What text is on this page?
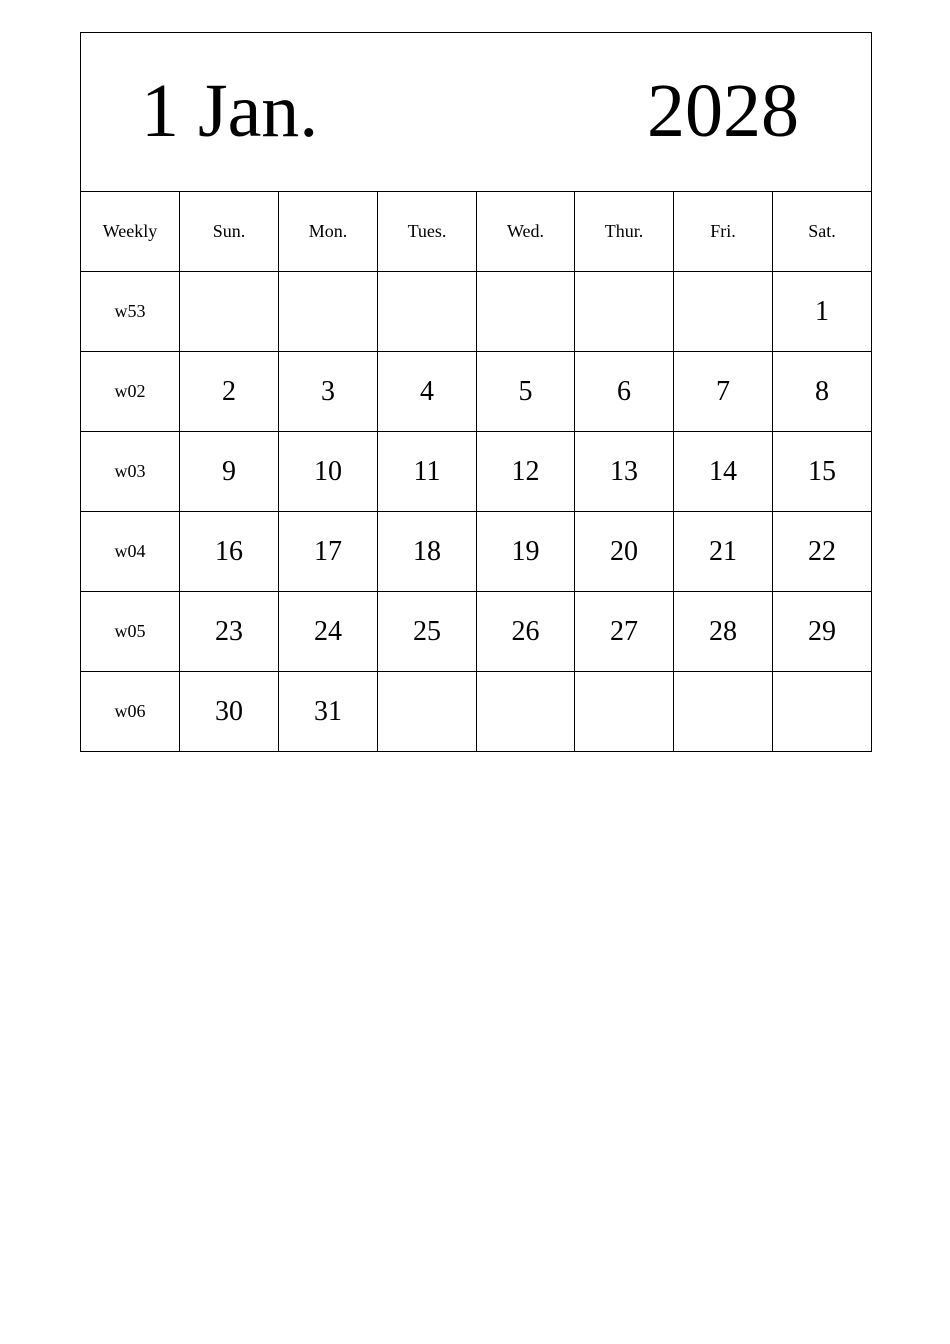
1 Jan. 2028							

Weekly	Sun.	Mon.	Tues.	Wed.	Thur.	Fri.	Sat.
w53							1
w02	2	3	4	5	6	7	8
w03	9	10	11	12	13	14	15
w04	16	17	18	19	20	21	22
w05	23	24	25	26	27	28	29
w06	30	31					
